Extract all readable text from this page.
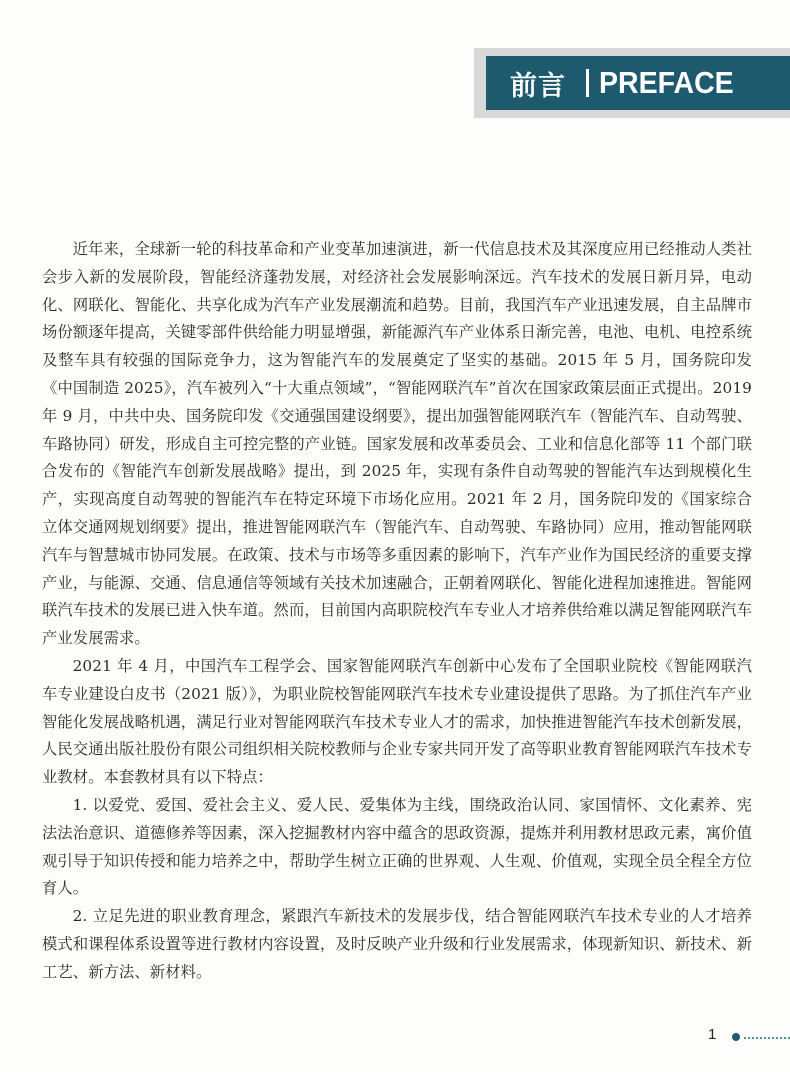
前言 PREFACE

近年来，全球新一轮的科技革命和产业变革加速演进，新一代信息技术及其深度应用已经推动人类社会步入新的发展阶段，智能经济蓬勃发展，对经济社会发展影响深远。汽车技术的发展日新月异，电动化、网联化、智能化、共享化成为汽车产业发展潮流和趋势。目前，我国汽车产业迅速发展，自主品牌市场份额逐年提高，关键零部件供给能力明显增强，新能源汽车产业体系日渐完善，电池、电机、电控系统及整车具有较强的国际竞争力，这为智能汽车的发展奠定了坚实的基础。2015 年 5 月，国务院印发《中国制造 2025》，汽车被列入“十大重点领域”，“智能网联汽车”首次在国家政策层面正式提出。2019 年 9 月，中共中央、国务院印发《交通强国建设纲要》，提出加强智能网联汽车（智能汽车、自动驾驶、车路协同）研发，形成自主可控完整的产业链。国家发展和改革委员会、工业和信息化部等 11 个部门联合发布的《智能汽车创新发展战略》提出，到 2025 年，实现有条件自动驾驶的智能汽车达到规模化生产，实现高度自动驾驶的智能汽车在特定环境下市场化应用。2021 年 2 月，国务院印发的《国家综合立体交通网规划纲要》提出，推进智能网联汽车（智能汽车、自动驾驶、车路协同）应用，推动智能网联汽车与智慧城市协同发展。在政策、技术与市场等多重因素的影响下，汽车产业作为国民经济的重要支撑产业，与能源、交通、信息通信等领域有关技术加速融合，正朝着网联化、智能化进程加速推进。智能网联汽车技术的发展已进入快车道。然而，目前国内高职院校汽车专业人才培养供给难以满足智能网联汽车产业发展需求。

2021 年 4 月，中国汽车工程学会、国家智能网联汽车创新中心发布了全国职业院校《智能网联汽车专业建设白皮书（2021 版）》，为职业院校智能网联汽车技术专业建设提供了思路。为了抓住汽车产业智能化发展战略机遇，满足行业对智能网联汽车技术专业人才的需求，加快推进智能汽车技术创新发展，人民交通出版社股份有限公司组织相关院校教师与企业专家共同开发了高等职业教育智能网联汽车技术专业教材。本套教材具有以下特点：

1. 以爱党、爱国、爱社会主义、爱人民、爱集体为主线，围绕政治认同、家国情怀、文化素养、宪法法治意识、道德修养等因素，深入挖掘教材内容中蕴含的思政资源，提炼并利用教材思政元素，寓价值观引导于知识传授和能力培养之中，帮助学生树立正确的世界观、人生观、价值观，实现全员全程全方位育人。

2. 立足先进的职业教育理念，紧跟汽车新技术的发展步伐，结合智能网联汽车技术专业的人才培养模式和课程体系设置等进行教材内容设置，及时反映产业升级和行业发展需求，体现新知识、新技术、新工艺、新方法、新材料。

1
